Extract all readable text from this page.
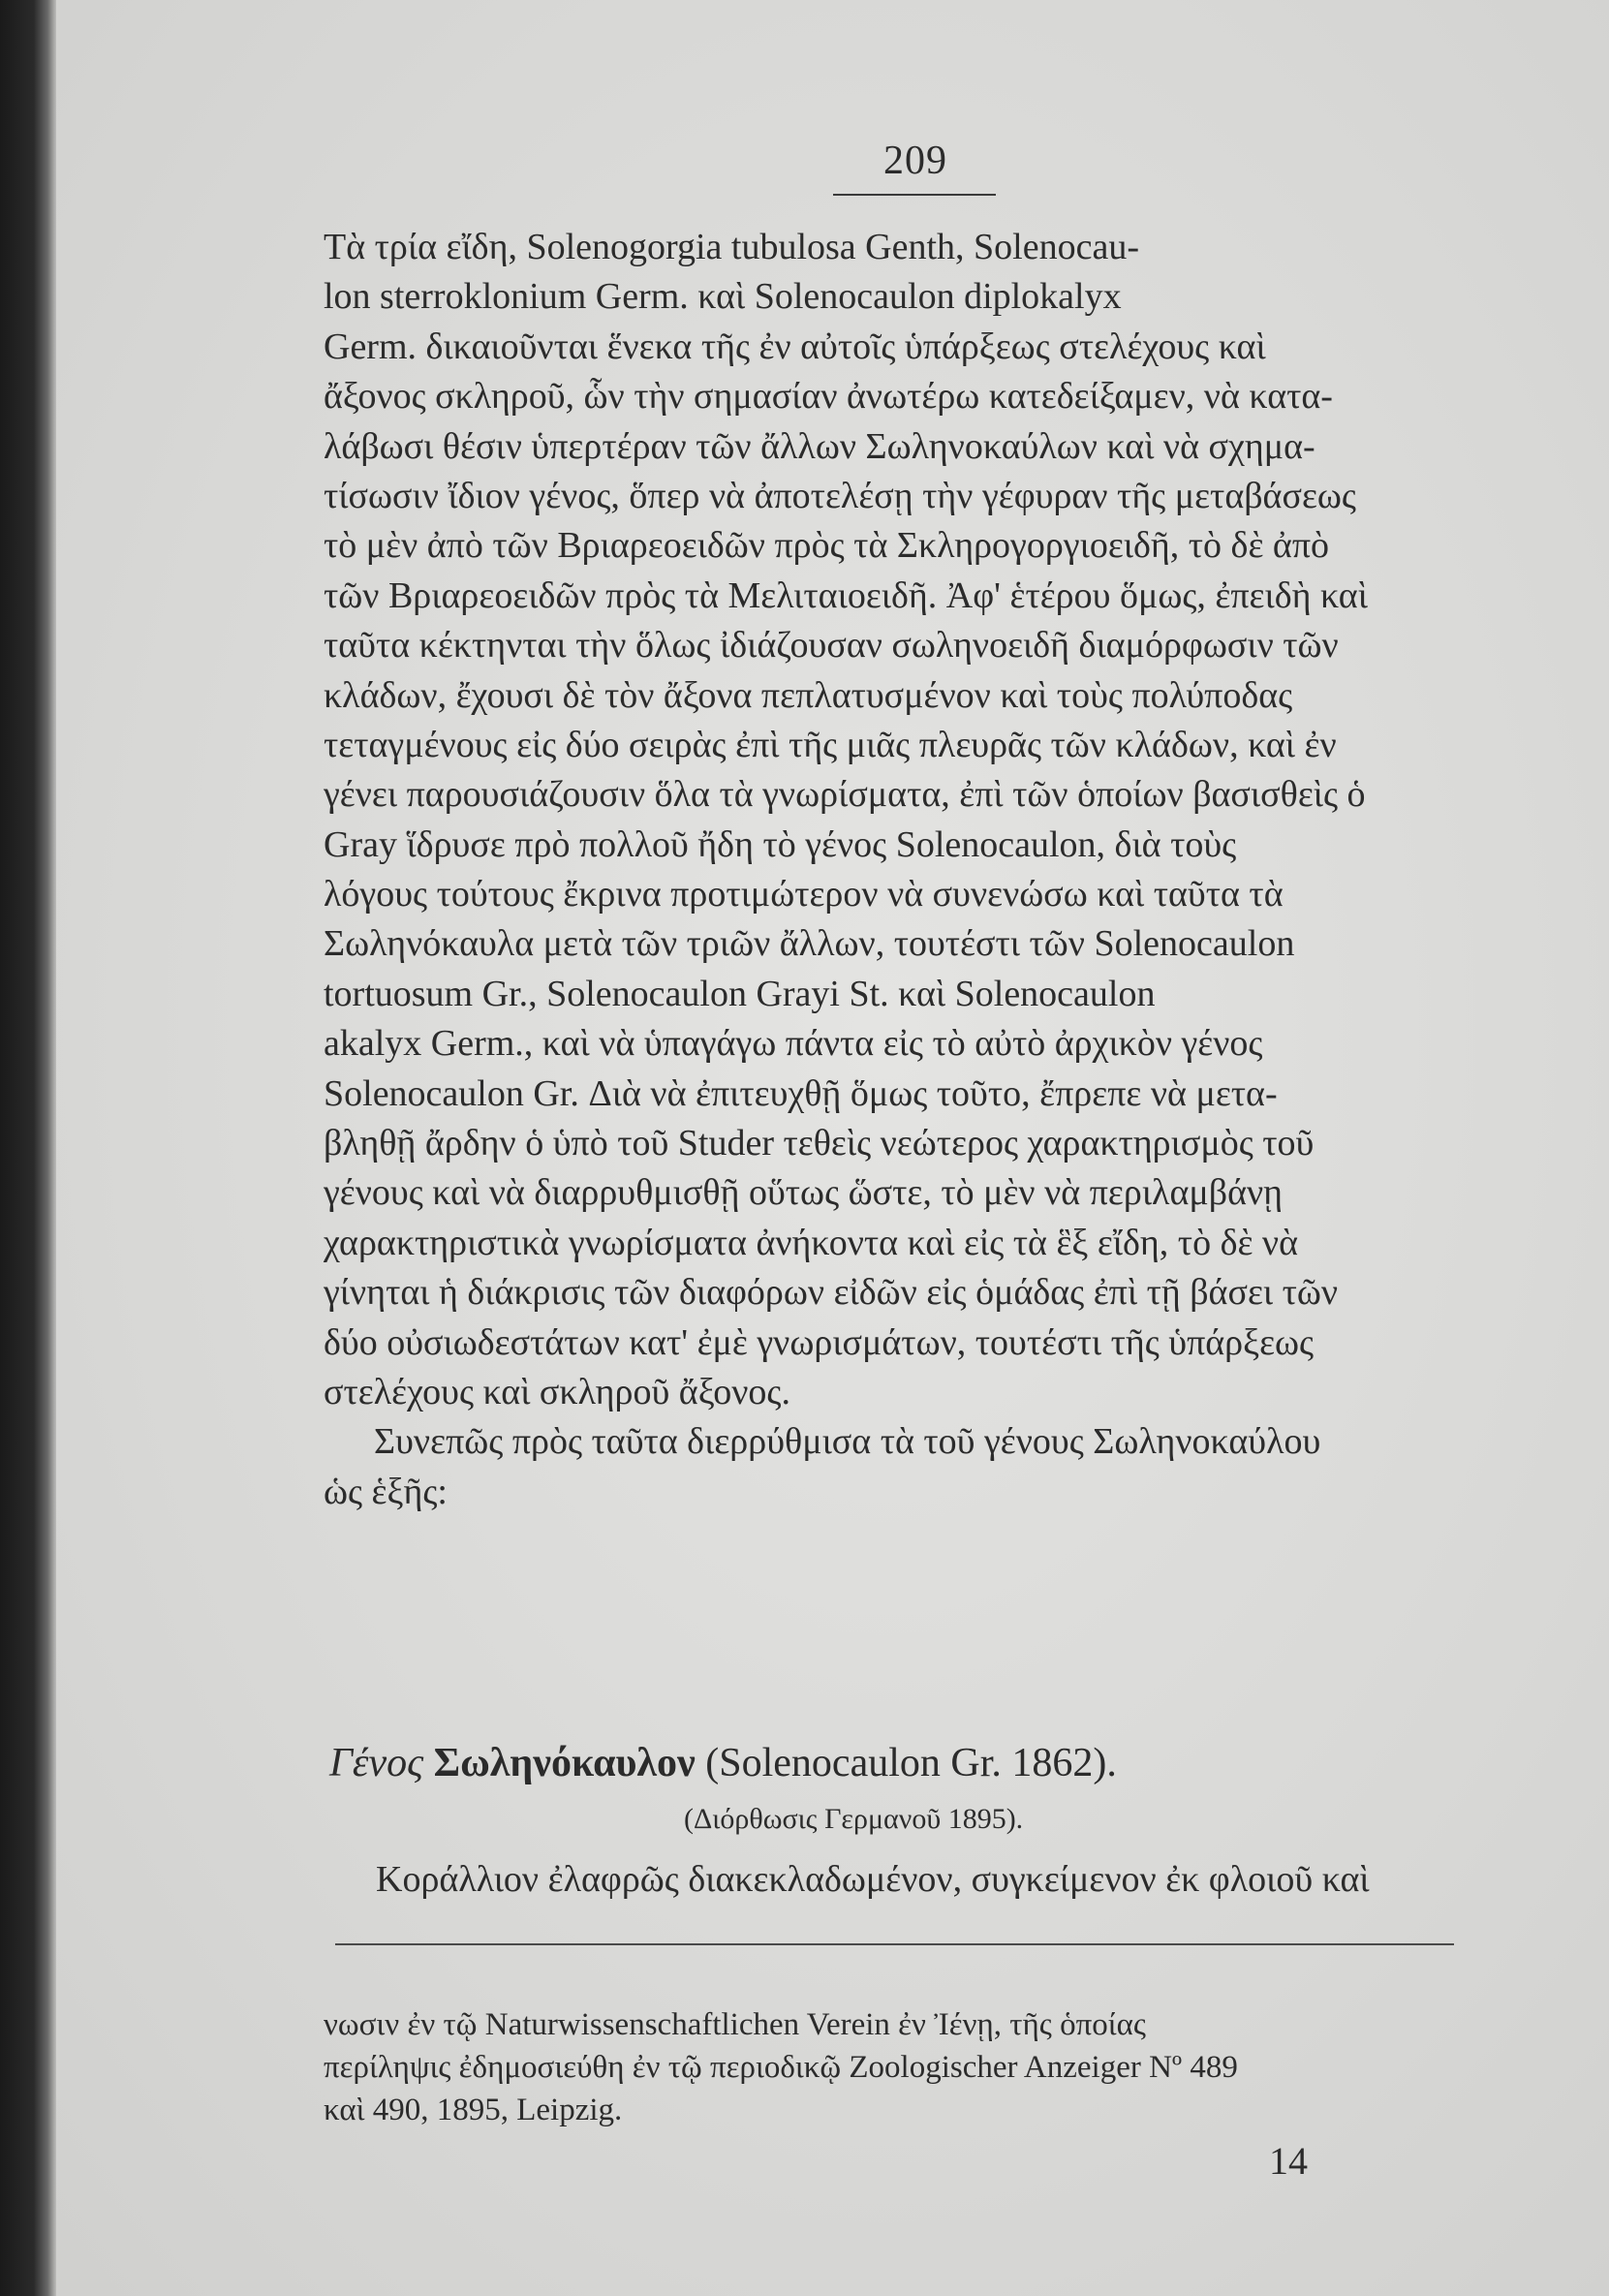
209
Τὰ τρία εἴδη, Solenogorgia tubulosa Genth, Solenocau-
lon sterroklonium Germ. καὶ Solenocaulon diplokalyx
Germ. δικαιοῦνται ἕνεκα τῆς ἐν αὐτοῖς ὑπάρξεως στελέχους καὶ
ἄξονος σκληροῦ, ὧν τὴν σημασίαν ἀνωτέρω κατεδείξαμεν, νὰ κατα-
λάβωσι θέσιν ὑπερτέραν τῶν ἄλλων Σωληνοκαύλων καὶ νὰ σχημα-
τίσωσιν ἴδιον γένος, ὅπερ νὰ ἀποτελέσῃ τὴν γέφυραν τῆς μεταβάσεως
τὸ μὲν ἀπὸ τῶν Βριαρεοειδῶν πρὸς τὰ Σκληρογοργιοειδῆ, τὸ δὲ ἀπὸ
τῶν Βριαρεοειδῶν πρὸς τὰ Μελιταιοειδῆ. Ἀφ' ἑτέρου ὅμως, ἐπειδὴ καὶ
ταῦτα κέκτηνται τὴν ὅλως ἰδιάζουσαν σωληνοειδῆ διαμόρφωσιν τῶν
κλάδων, ἔχουσι δὲ τὸν ἄξονα πεπλατυσμένον καὶ τοὺς πολύποδας
τεταγμένους εἰς δύο σειρὰς ἐπὶ τῆς μιᾶς πλευρᾶς τῶν κλάδων, καὶ ἐν
γένει παρουσιάζουσιν ὅλα τὰ γνωρίσματα, ἐπὶ τῶν ὁποίων βασισθεὶς ὁ
Gray ἵδρυσε πρὸ πολλοῦ ἤδη τὸ γένος Solenocaulon, διὰ τοὺς
λόγους τούτους ἔκρινα προτιμώτερον νὰ συνενώσω καὶ ταῦτα τὰ
Σωληνόκαυλα μετὰ τῶν τριῶν ἄλλων, τουτέστι τῶν Solenocaulon
tortuosum Gr., Solenocaulon Grayi St. καὶ Solenocaulon
akalyx Germ., καὶ νὰ ὑπαγάγω πάντα εἰς τὸ αὐτὸ ἀρχικὸν γένος
Solenocaulon Gr. Διὰ νὰ ἐπιτευχθῇ ὅμως τοῦτο, ἔπρεπε νὰ μετα-
βληθῇ ἄρδην ὁ ὑπὸ τοῦ Studer τεθεὶς νεώτερος χαρακτηρισμὸς τοῦ
γένους καὶ νὰ διαρρυθμισθῇ οὕτως ὥστε, τὸ μὲν νὰ περιλαμβάνῃ
χαρακτηριστικὰ γνωρίσματα ἀνήκοντα καὶ εἰς τὰ ἓξ εἴδη, τὸ δὲ νὰ
γίνηται ἡ διάκρισις τῶν διαφόρων εἰδῶν εἰς ὁμάδας ἐπὶ τῇ βάσει τῶν
δύο οὐσιωδεστάτων κατ' ἐμὲ γνωρισμάτων, τουτέστι τῆς ὑπάρξεως
στελέχους καὶ σκληροῦ ἄξονος.
Συνεπῶς πρὸς ταῦτα διερρύθμισα τὰ τοῦ γένους Σωληνοκαύλου
ὡς ἑξῆς:
Γένος Σωληνόκαυλον (Solenocaulon Gr. 1862).
(Διόρθωσις Γερμανοῦ 1895).
Κοράλλιον ἐλαφρῶς διακεκλαδωμένον, συγκείμενον ἐκ φλοιοῦ καὶ
νωσιν ἐν τῷ Naturwissenschaftlichen Verein ἐν Ἰένῃ, τῆς ὁποίας
περίληψις ἐδημοσιεύθη ἐν τῷ περιοδικῷ Zoologischer Anzeiger Nº 489
καὶ 490, 1895, Leipzig.
14
